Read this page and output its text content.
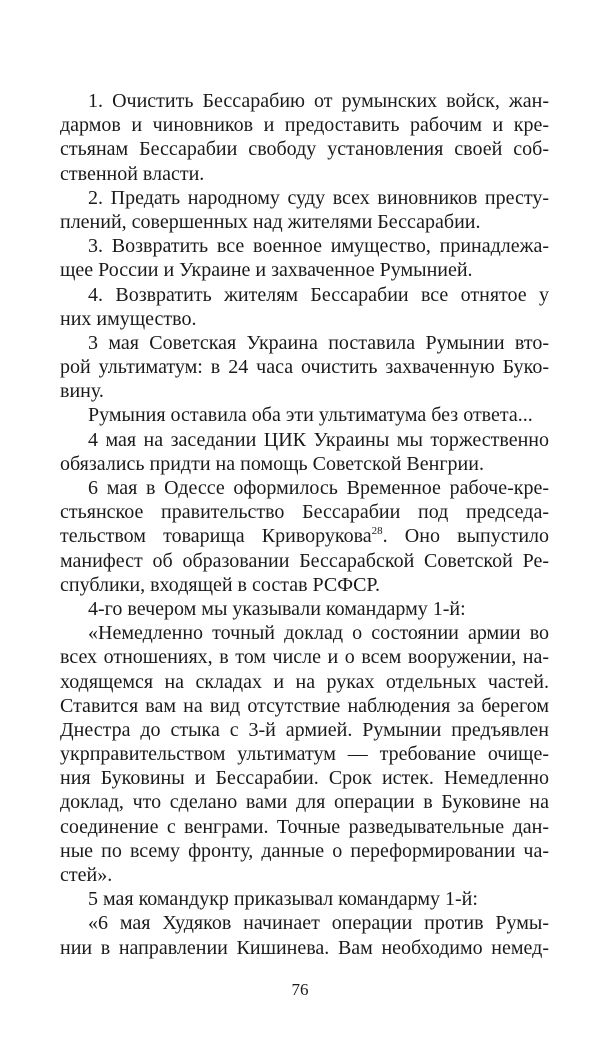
1. Очистить Бессарабию от румынских войск, жан-
дармов и чиновников и предоставить рабочим и кре-
стьянам Бессарабии свободу установления своей соб-
ственной власти.
2. Предать народному суду всех виновников престу-
плений, совершенных над жителями Бессарабии.
3. Возвратить все военное имущество, принадлежа-
щее России и Украине и захваченное Румынией.
4. Возвратить жителям Бессарабии все отнятое у
них имущество.
3 мая Советская Украина поставила Румынии вто-
рой ультиматум: в 24 часа очистить захваченную Буко-
вину.
Румыния оставила оба эти ультиматума без ответа...
4 мая на заседании ЦИК Украины мы торжественно
обязались придти на помощь Советской Венгрии.
6 мая в Одессе оформилось Временное рабоче-кре-
стьянское правительство Бессарабии под председа-
тельством товарища Криворукова$^{28}$. Оно выпустило
манифест об образовании Бессарабской Советской Ре-
спублики, входящей в состав РСФСР.
4-го вечером мы указывали командарму 1-й:
«Немедленно точный доклад о состоянии армии во
всех отношениях, в том числе и о всем вооружении, на-
ходящемся на складах и на руках отдельных частей.
Ставится вам на вид отсутствие наблюдения за берегом
Днестра до стыка с 3-й армией. Румынии предъявлен
укрправительством ультиматум — требование очище-
ния Буковины и Бессарабии. Срок истек. Немедленно
доклад, что сделано вами для операции в Буковине на
соединение с венграми. Точные разведывательные дан-
ные по всему фронту, данные о переформировании ча-
стей».
5 мая командукр приказывал командарму 1-й:
«6 мая Худяков начинает операции против Румы-
нии в направлении Кишинева. Вам необходимо немед-
76
